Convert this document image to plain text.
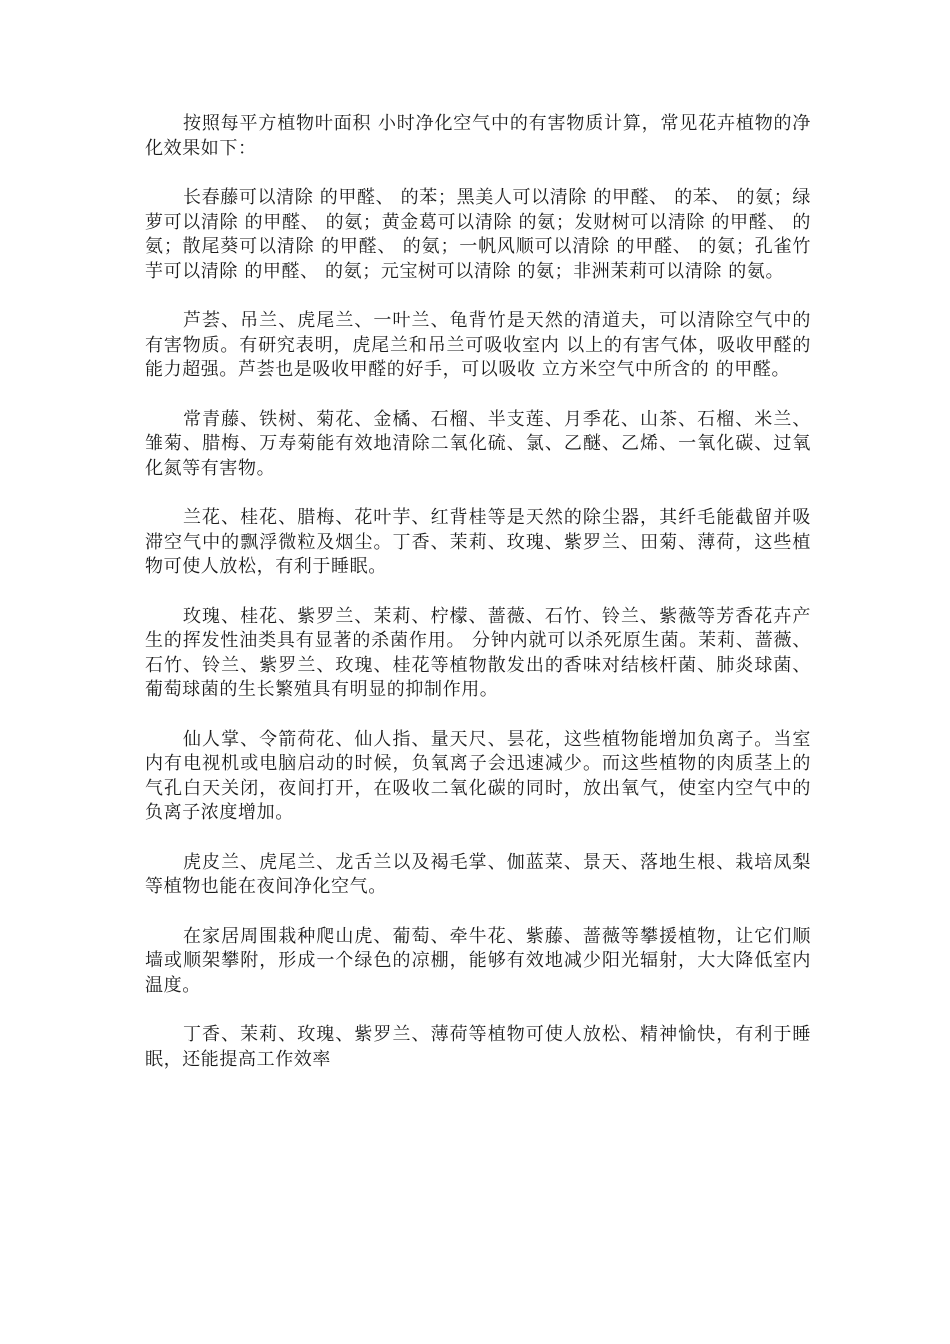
按照每平方植物叶面积 小时净化空气中的有害物质计算，常见花卉植物的净化效果如下：

长春藤可以清除 的甲醛、 的苯；黑美人可以清除 的甲醛、 的苯、 的氨；绿萝可以清除 的甲醛、 的氨；黄金葛可以清除 的氨；发财树可以清除 的甲醛、 的氨；散尾葵可以清除 的甲醛、 的氨；一帆风顺可以清除 的甲醛、 的氨；孔雀竹芋可以清除 的甲醛、 的氨；元宝树可以清除 的氨；非洲茉莉可以清除 的氨。

芦荟、吊兰、虎尾兰、一叶兰、龟背竹是天然的清道夫，可以清除空气中的有害物质。有研究表明，虎尾兰和吊兰可吸收室内 以上的有害气体，吸收甲醛的能力超强。芦荟也是吸收甲醛的好手，可以吸收 立方米空气中所含的 的甲醛。

常青藤、铁树、菊花、金橘、石榴、半支莲、月季花、山茶、石榴、米兰、雏菊、腊梅、万寿菊能有效地清除二氧化硫、氯、乙醚、乙烯、一氧化碳、过氧化氮等有害物。

兰花、桂花、腊梅、花叶芋、红背桂等是天然的除尘器，其纤毛能截留并吸滞空气中的飘浮微粒及烟尘。丁香、茉莉、玫瑰、紫罗兰、田菊、薄荷，这些植物可使人放松，有利于睡眠。

玫瑰、桂花、紫罗兰、茉莉、柠檬、蔷薇、石竹、铃兰、紫薇等芳香花卉产生的挥发性油类具有显著的杀菌作用。 分钟内就可以杀死原生菌。茉莉、蔷薇、石竹、铃兰、紫罗兰、玫瑰、桂花等植物散发出的香味对结核杆菌、肺炎球菌、葡萄球菌的生长繁殖具有明显的抑制作用。

仙人掌、令箭荷花、仙人指、量天尺、昙花，这些植物能增加负离子。当室内有电视机或电脑启动的时候，负氧离子会迅速减少。而这些植物的肉质茎上的气孔白天关闭，夜间打开，在吸收二氧化碳的同时，放出氧气，使室内空气中的负离子浓度增加。

虎皮兰、虎尾兰、龙舌兰以及褐毛掌、伽蓝菜、景天、落地生根、栽培凤梨等植物也能在夜间净化空气。

在家居周围栽种爬山虎、葡萄、牵牛花、紫藤、蔷薇等攀援植物，让它们顺墙或顺架攀附，形成一个绿色的凉棚，能够有效地减少阳光辐射，大大降低室内温度。

丁香、茉莉、玫瑰、紫罗兰、薄荷等植物可使人放松、精神愉快，有利于睡眠，还能提高工作效率
